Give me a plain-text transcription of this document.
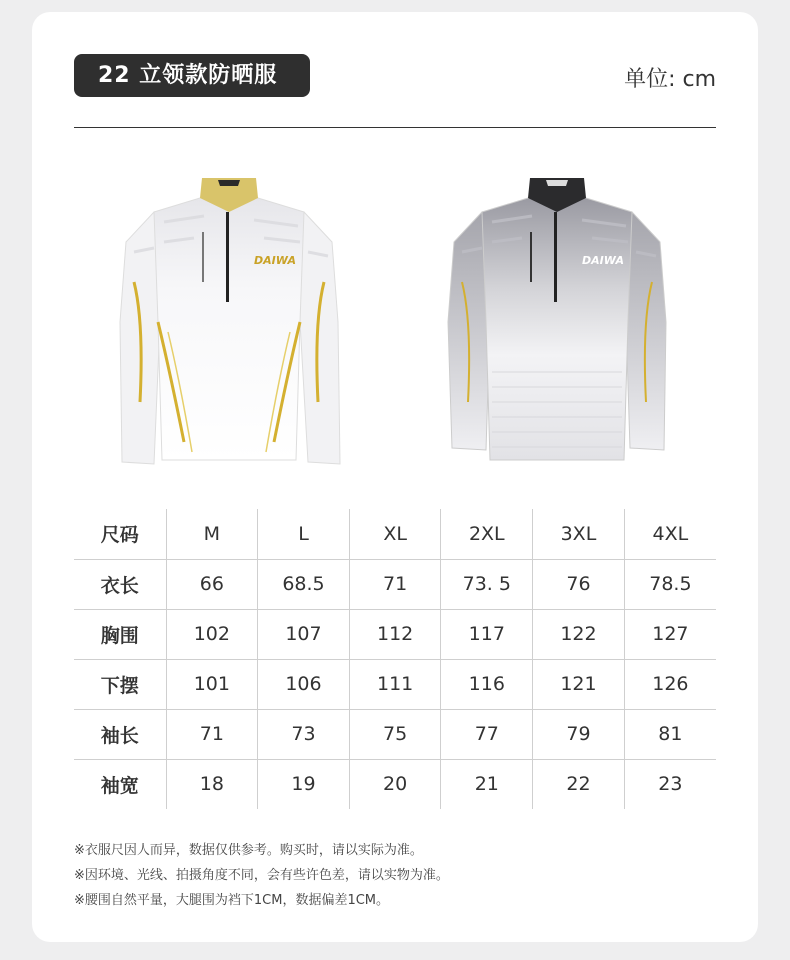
22 立领款防晒服	单位: cm
DAIWA	DAIWA
尺码	M	L	XL	2XL	3XL	4XL
衣长	66	68.5	71	73. 5	76	78.5
胸围	102	107	112	117	122	127
下摆	101	106	111	116	121	126
袖长	71	73	75	77	79	81
袖宽	18	19	20	21	22	23
※衣服尺因人而异，数据仅供参考。购买时，请以实际为准。
※因环境、光线、拍摄角度不同，会有些许色差，请以实物为准。
※腰围自然平量，大腿围为裆下1CM，数据偏差1CM。
